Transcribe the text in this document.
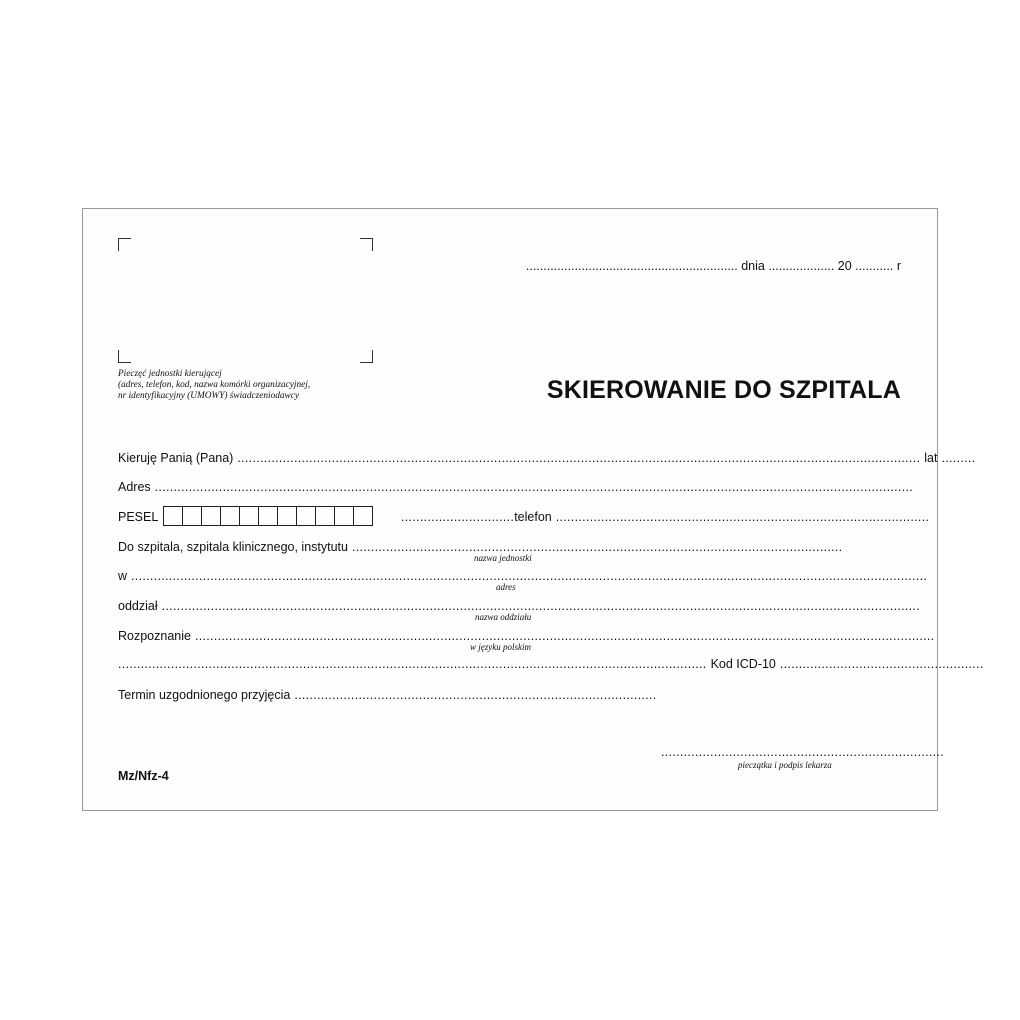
Pieczęć jednostki kierującej
(adres, telefon, kod, nazwa komórki organizacyjnej,
nr identyfikacyjny (UMOWY) świadczeniodawcy
............................................................. dnia ................... 20 ........... r
SKIEROWANIE DO SZPITALA
Kieruję Panią (Pana) ..................................................................................................................................................................................... lat .........
Adres .........................................................................................................................................................................................................
PESEL	.............................. telefon ...................................................................................................
Do szpitala, szpitala klinicznego, instytutu ..................................................................................................................................
nazwa jednostki
w ...................................................................................................................................................................................................................
adres
oddział .........................................................................................................................................................................................................
nazwa oddziału
Rozpoznanie ....................................................................................................................................................................................................
w języku polskim
............................................................................................................................................................ Kod ICD-10 ......................................................
Termin uzgodnionego przyjęcia ................................................................................................
...........................................................................
pieczątka i podpis lekarza
Mz/Nfz-4
